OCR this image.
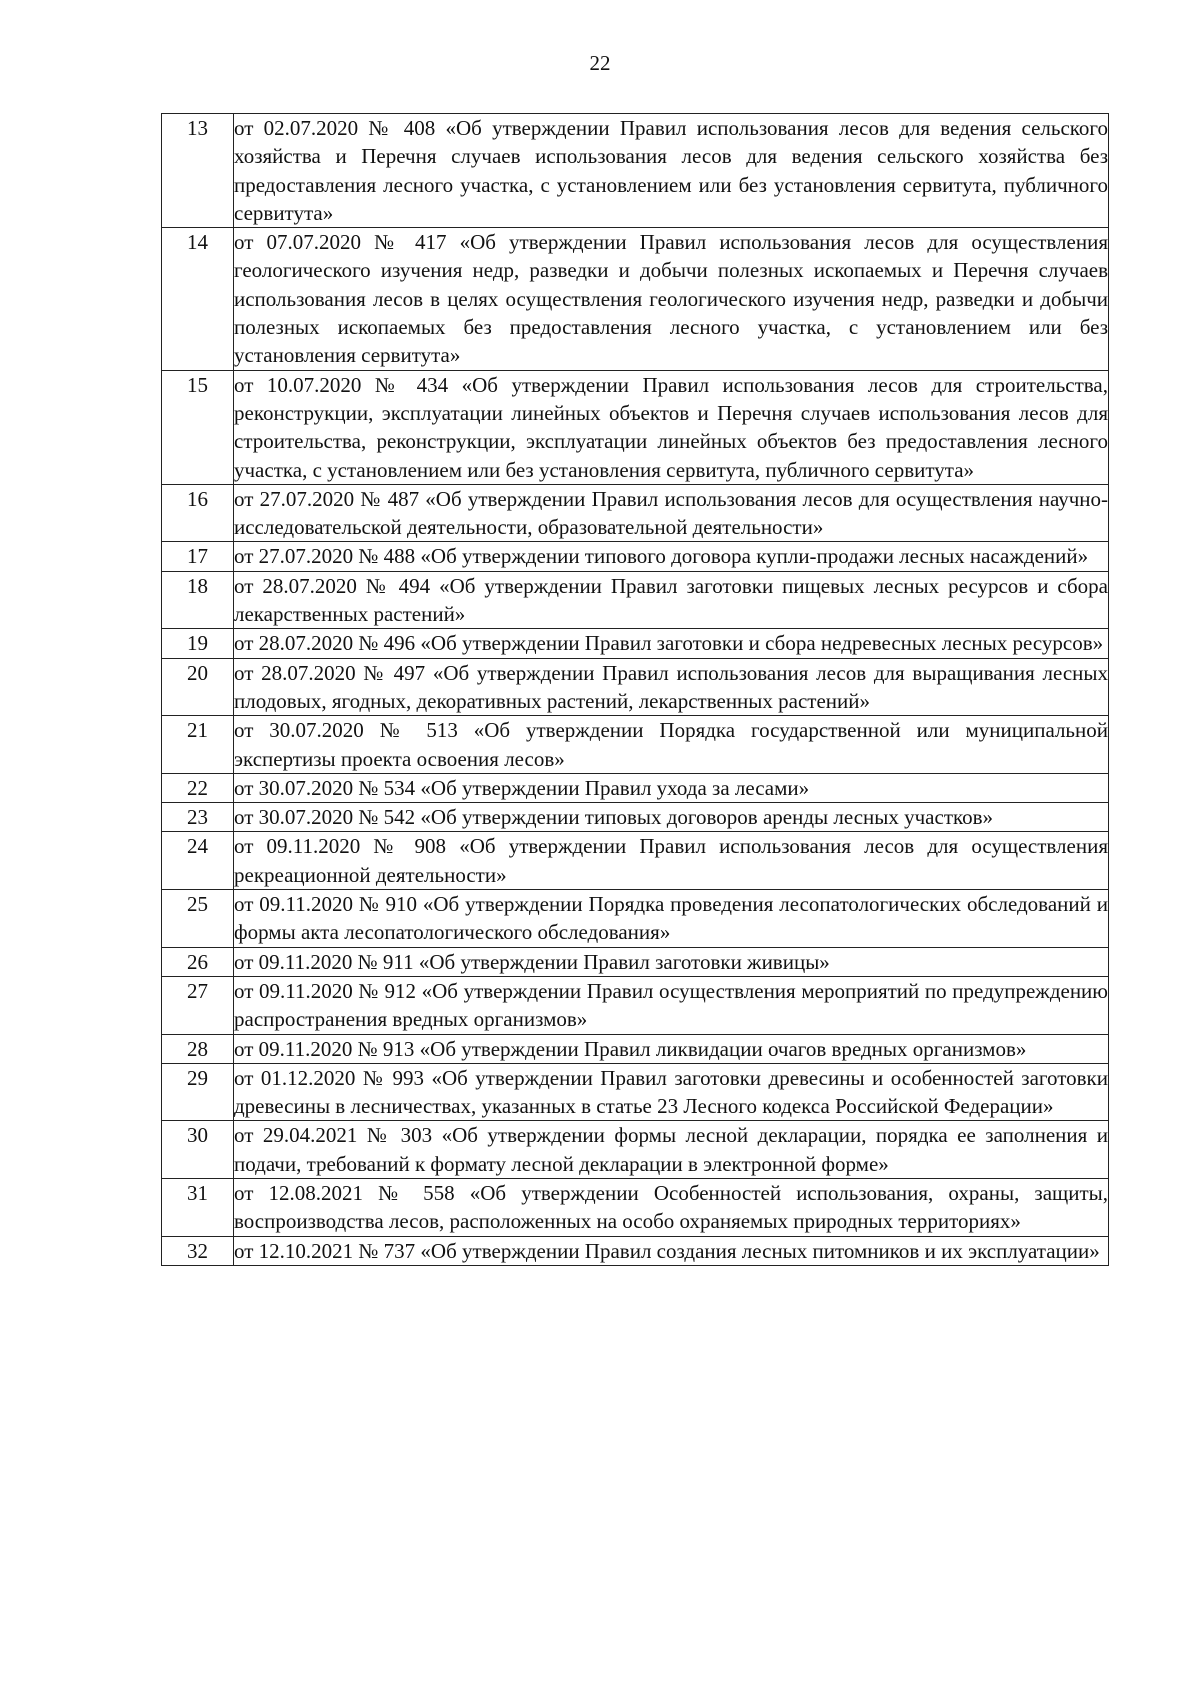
22
13	от 02.07.2020 № 408 «Об утверждении Правил использования лесов для ведения сельского хозяйства и Перечня случаев использования лесов для ведения сельского хозяйства без предоставления лесного участка, с установлением или без установления сервитута, публичного сервитута»
14	от 07.07.2020 № 417 «Об утверждении Правил использования лесов для осуществления геологического изучения недр, разведки и добычи полезных ископаемых и Перечня случаев использования лесов в целях осуществления геологического изучения недр, разведки и добычи полезных ископаемых без предоставления лесного участка, с установлением или без установления сервитута»
15	от 10.07.2020 № 434 «Об утверждении Правил использования лесов для строительства, реконструкции, эксплуатации линейных объектов и Перечня случаев использования лесов для строительства, реконструкции, эксплуатации линейных объектов без предоставления лесного участка, с установлением или без установления сервитута, публичного сервитута»
16	от 27.07.2020 № 487 «Об утверждении Правил использования лесов для осуществления научно-исследовательской деятельности, образовательной деятельности»
17	от 27.07.2020 № 488 «Об утверждении типового договора купли-продажи лесных насаждений»
18	от 28.07.2020 № 494 «Об утверждении Правил заготовки пищевых лесных ресурсов и сбора лекарственных растений»
19	от 28.07.2020 № 496 «Об утверждении Правил заготовки и сбора недревесных лесных ресурсов»
20	от 28.07.2020 № 497 «Об утверждении Правил использования лесов для выращивания лесных плодовых, ягодных, декоративных растений, лекарственных растений»
21	от 30.07.2020 № 513 «Об утверждении Порядка государственной или муниципальной экспертизы проекта освоения лесов»
22	от 30.07.2020 № 534 «Об утверждении Правил ухода за лесами»
23	от 30.07.2020 № 542 «Об утверждении типовых договоров аренды лесных участков»
24	от 09.11.2020 № 908 «Об утверждении Правил использования лесов для осуществления рекреационной деятельности»
25	от 09.11.2020 № 910 «Об утверждении Порядка проведения лесопатологических обследований и формы акта лесопатологического обследования»
26	от 09.11.2020 № 911 «Об утверждении Правил заготовки живицы»
27	от 09.11.2020 № 912 «Об утверждении Правил осуществления мероприятий по предупреждению распространения вредных организмов»
28	от 09.11.2020 № 913 «Об утверждении Правил ликвидации очагов вредных организмов»
29	от 01.12.2020 № 993 «Об утверждении Правил заготовки древесины и особенностей заготовки древесины в лесничествах, указанных в статье 23 Лесного кодекса Российской Федерации»
30	от 29.04.2021 № 303 «Об утверждении формы лесной декларации, порядка ее заполнения и подачи, требований к формату лесной декларации в электронной форме»
31	от 12.08.2021 № 558 «Об утверждении Особенностей использования, охраны, защиты, воспроизводства лесов, расположенных на особо охраняемых природных территориях»
32	от 12.10.2021 № 737 «Об утверждении Правил создания лесных питомников и их эксплуатации»
